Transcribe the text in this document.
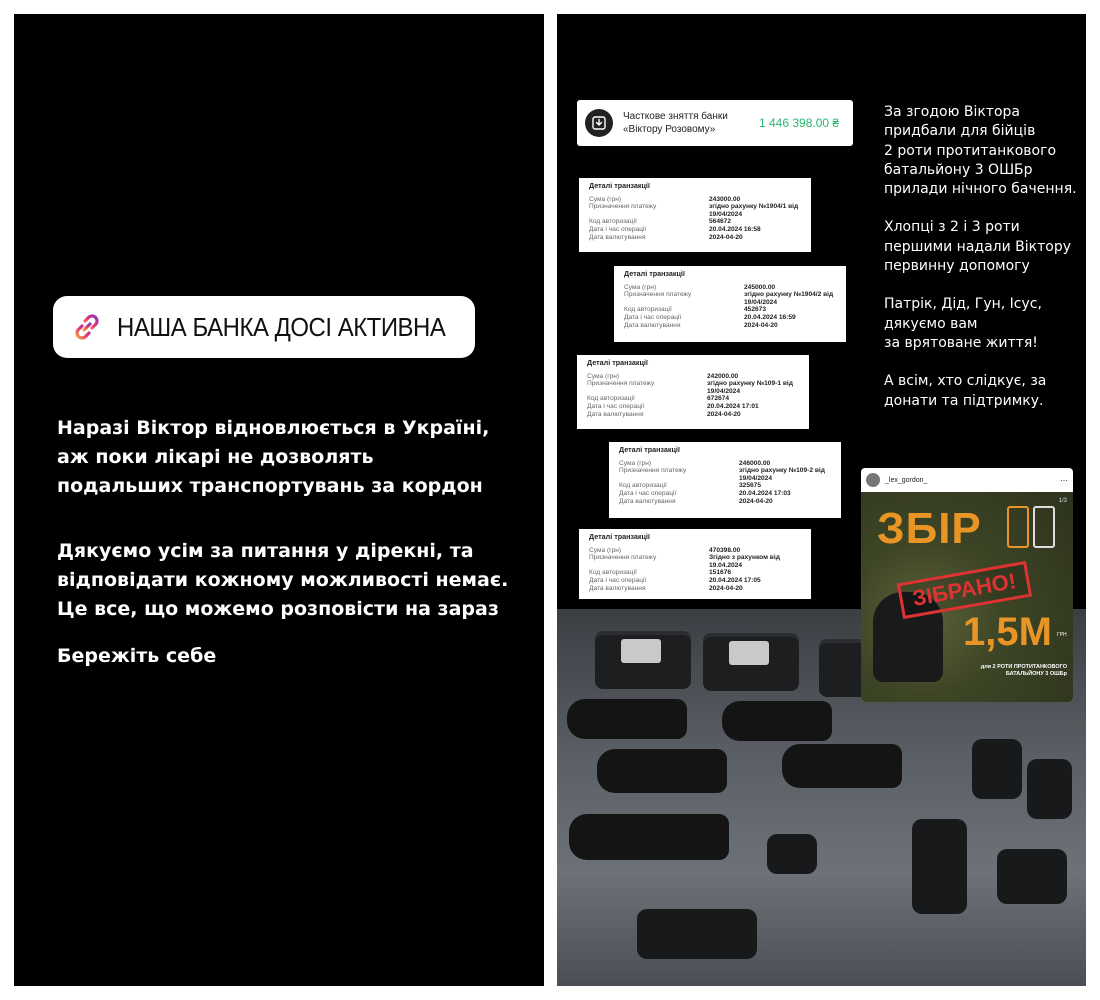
НАША БАНКА ДОСІ АКТИВНА
Наразі Віктор відновлюється в Україні,
аж поки лікарі не дозволять
подальших транспортувань за кордон
Дякуємо усім за питання у дірекні, та
відповідати кожному можливості немає.
Це все, що можемо розповісти на зараз
Бережіть себе
Часткове зняття банки
«Віктору Розовому»	1 446 398.00 ₴
Деталі транзакції
Сума (грн)	243000.00
Призначення платежу	згідно рахунку №1904/1 від 19/04/2024
Код авторизації	564672
Дата і час операції	20.04.2024 16:58
Дата валютування	2024-04-20
Деталі транзакції
Сума (грн)	245000.00
Призначення платежу	згідно рахунку №1904/2 від 19/04/2024
Код авторизації	452673
Дата і час операції	20.04.2024 16:59
Дата валютування	2024-04-20
Деталі транзакції
Сума (грн)	242000.00
Призначення платежу	згідно рахунку №109-1 від 19/04/2024
Код авторизації	672674
Дата і час операції	20.04.2024 17:01
Дата валютування	2024-04-20
Деталі транзакції
Сума (грн)	246000.00
Призначення платежу	згідно рахунку №109-2 від 19/04/2024
Код авторизації	325675
Дата і час операції	20.04.2024 17:03
Дата валютування	2024-04-20
Деталі транзакції
Сума (грн)	470398.00
Призначення платежу	Згідно з рахунком від 19.04.2024
Код авторизації	151676
Дата і час операції	20.04.2024 17:05
Дата валютування	2024-04-20

За згодою Віктора
придбали для бійців
2 роти протитанкового
батальйону 3 ОШБр
прилади нічного бачення.

Хлопці з 2 і 3 роти
першими надали Віктору
первинну допомогу

Патрік, Дід, Гун, Ісус,
дякуємо вам
за врятоване життя!

А всім, хто слідкує, за
донати та підтримку.

_lex_gordon_	⋯
1/3
ЗБІР
ЗІБРАНО!
1,5М ГРН
для 2 РОТИ ПРОТИТАНКОВОГО БАТАЛЬЙОНУ 3 ОШБр
